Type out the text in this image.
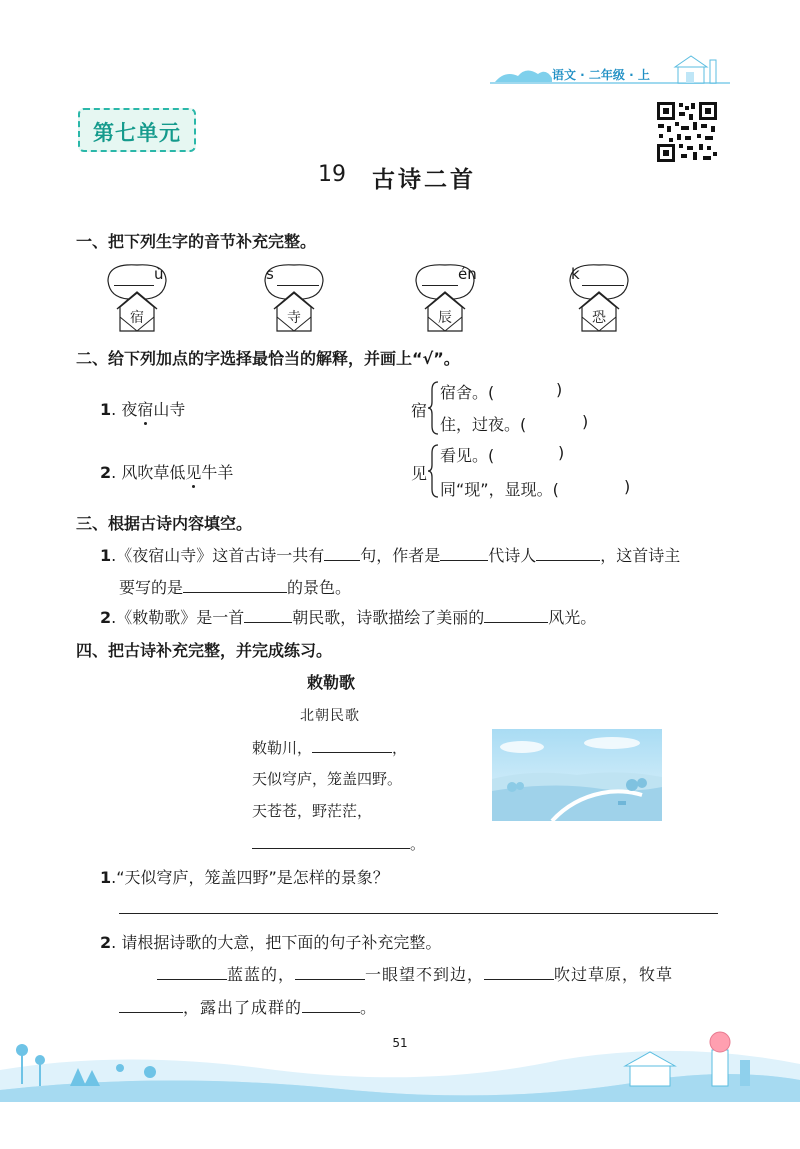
语文 · 二年级 · 上
第七单元
19 古诗二首
一、把下列生字的音节补充完整。
ù
宿
s
寺
én
辰
k
恐
二、给下列加点的字选择最恰当的解释，并画上“√”。
1. 夜宿山寺	宿
宿舍。(	)
住，过夜。(	)
2. 风吹草低见牛羊	见
看见。(	)
同“现”，显现。(	)
三、根据古诗内容填空。
1.《夜宿山寺》这首古诗一共有 句，作者是	代诗人	，这首诗主
要写的是	的景色。
2.《敕勒歌》是一首	朝民歌，诗歌描绘了美丽的	风光。
四、把古诗补充完整，并完成练习。
敕勒歌
北朝民歌
敕勒川，	，
天似穹庐，笼盖四野。
天苍苍，野茫茫，
。
1.“天似穹庐，笼盖四野”是怎样的景象？
2. 请根据诗歌的大意，把下面的句子补充完整。
蓝蓝的，	一眼望不到边，	吹过草原，牧草
，露出了成群的	。
51
